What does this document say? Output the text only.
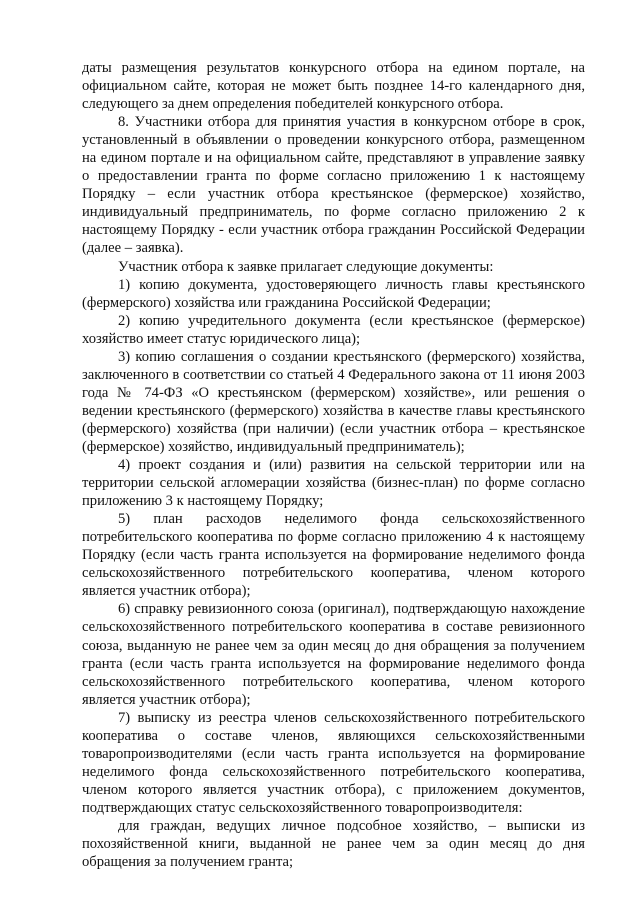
даты размещения результатов конкурсного отбора на едином портале, на официальном сайте, которая не может быть позднее 14-го календарного дня, следующего за днем определения победителей конкурсного отбора.

8. Участники отбора для принятия участия в конкурсном отборе в срок, установленный в объявлении о проведении конкурсного отбора, размещенном на едином портале и на официальном сайте, представляют в управление заявку о предоставлении гранта по форме согласно приложению 1 к настоящему Порядку – если участник отбора крестьянское (фермерское) хозяйство, индивидуальный предприниматель, по форме согласно приложению 2 к настоящему Порядку - если участник отбора гражданин Российской Федерации (далее – заявка).

Участник отбора к заявке прилагает следующие документы:

1) копию документа, удостоверяющего личность главы крестьянского (фермерского) хозяйства или гражданина Российской Федерации;

2) копию учредительного документа (если крестьянское (фермерское) хозяйство имеет статус юридического лица);

3) копию соглашения о создании крестьянского (фермерского) хозяйства, заключенного в соответствии со статьей 4 Федерального закона от 11 июня 2003 года № 74-ФЗ «О крестьянском (фермерском) хозяйстве», или решения о ведении крестьянского (фермерского) хозяйства в качестве главы крестьянского (фермерского) хозяйства (при наличии) (если участник отбора – крестьянское (фермерское) хозяйство, индивидуальный предприниматель);

4) проект создания и (или) развития на сельской территории или на территории сельской агломерации хозяйства (бизнес-план) по форме согласно приложению 3 к настоящему Порядку;

5) план расходов неделимого фонда сельскохозяйственного потребительского кооператива по форме согласно приложению 4 к настоящему Порядку (если часть гранта используется на формирование неделимого фонда сельскохозяйственного потребительского кооператива, членом которого является участник отбора);

6) справку ревизионного союза (оригинал), подтверждающую нахождение сельскохозяйственного потребительского кооператива в составе ревизионного союза, выданную не ранее чем за один месяц до дня обращения за получением гранта (если часть гранта используется на формирование неделимого фонда сельскохозяйственного потребительского кооператива, членом которого является участник отбора);

7) выписку из реестра членов сельскохозяйственного потребительского кооператива о составе членов, являющихся сельскохозяйственными товаропроизводителями (если часть гранта используется на формирование неделимого фонда сельскохозяйственного потребительского кооператива, членом которого является участник отбора), с приложением документов, подтверждающих статус сельскохозяйственного товаропроизводителя:

для граждан, ведущих личное подсобное хозяйство, – выписки из похозяйственной книги, выданной не ранее чем за один месяц до дня обращения за получением гранта;
